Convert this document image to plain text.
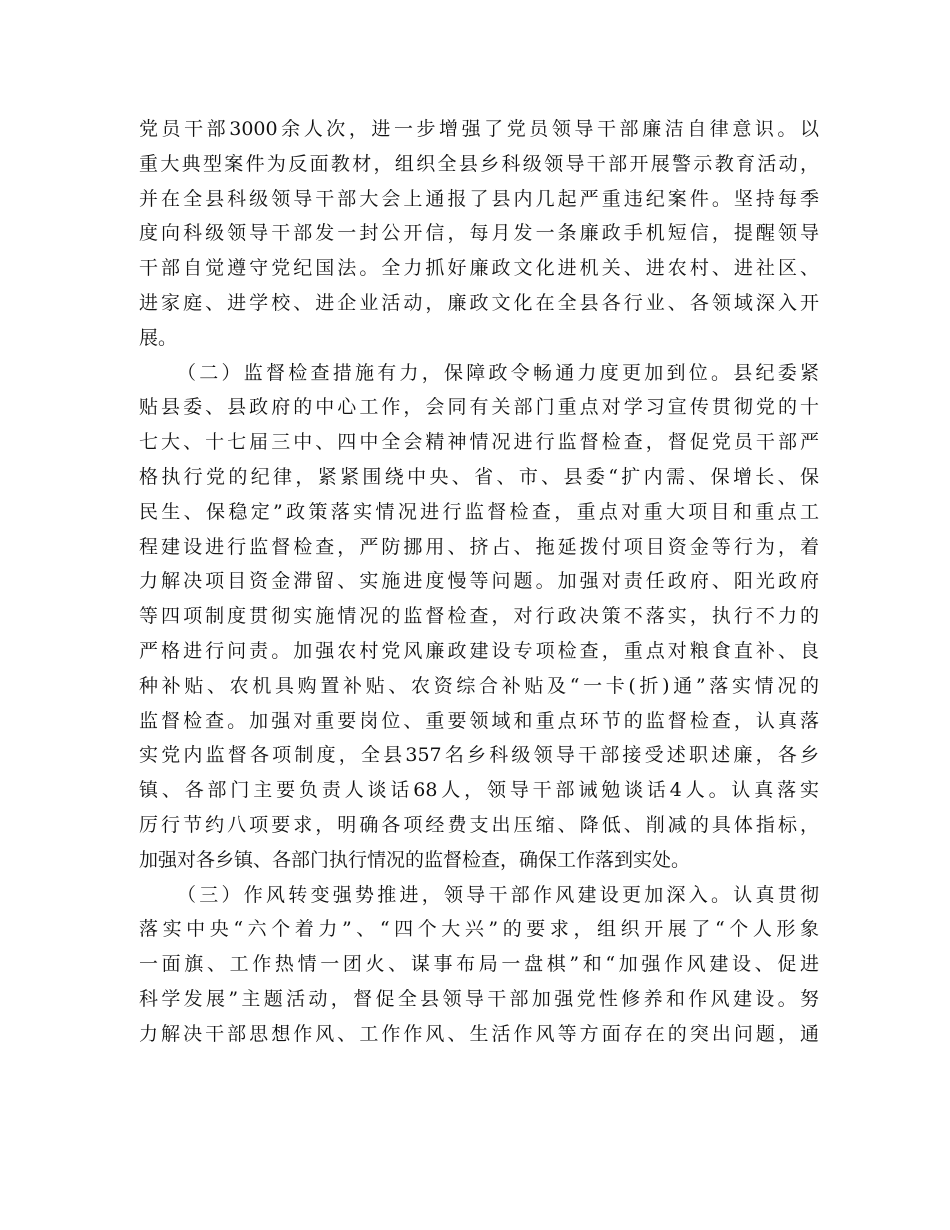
党员干部3000余人次，进一步增强了党员领导干部廉洁自律意识。以
重大典型案件为反面教材，组织全县乡科级领导干部开展警示教育活动，
并在全县科级领导干部大会上通报了县内几起严重违纪案件。坚持每季
度向科级领导干部发一封公开信，每月发一条廉政手机短信，提醒领导
干部自觉遵守党纪国法。全力抓好廉政文化进机关、进农村、进社区、
进家庭、进学校、进企业活动，廉政文化在全县各行业、各领域深入开
展。
（二）监督检查措施有力，保障政令畅通力度更加到位。县纪委紧
贴县委、县政府的中心工作，会同有关部门重点对学习宣传贯彻党的十
七大、十七届三中、四中全会精神情况进行监督检查，督促党员干部严
格执行党的纪律，紧紧围绕中央、省、市、县委“扩内需、保增长、保
民生、保稳定”政策落实情况进行监督检查，重点对重大项目和重点工
程建设进行监督检查，严防挪用、挤占、拖延拨付项目资金等行为，着
力解决项目资金滞留、实施进度慢等问题。加强对责任政府、阳光政府
等四项制度贯彻实施情况的监督检查，对行政决策不落实，执行不力的
严格进行问责。加强农村党风廉政建设专项检查，重点对粮食直补、良
种补贴、农机具购置补贴、农资综合补贴及“一卡(折)通”落实情况的
监督检查。加强对重要岗位、重要领域和重点环节的监督检查，认真落
实党内监督各项制度，全县357名乡科级领导干部接受述职述廉，各乡
镇、各部门主要负责人谈话68人，领导干部诫勉谈话4人。认真落实
厉行节约八项要求，明确各项经费支出压缩、降低、削减的具体指标，
加强对各乡镇、各部门执行情况的监督检查，确保工作落到实处。
（三）作风转变强势推进，领导干部作风建设更加深入。认真贯彻
落实中央“六个着力”、“四个大兴”的要求，组织开展了“个人形象
一面旗、工作热情一团火、谋事布局一盘棋”和“加强作风建设、促进
科学发展”主题活动，督促全县领导干部加强党性修养和作风建设。努
力解决干部思想作风、工作作风、生活作风等方面存在的突出问题，通
